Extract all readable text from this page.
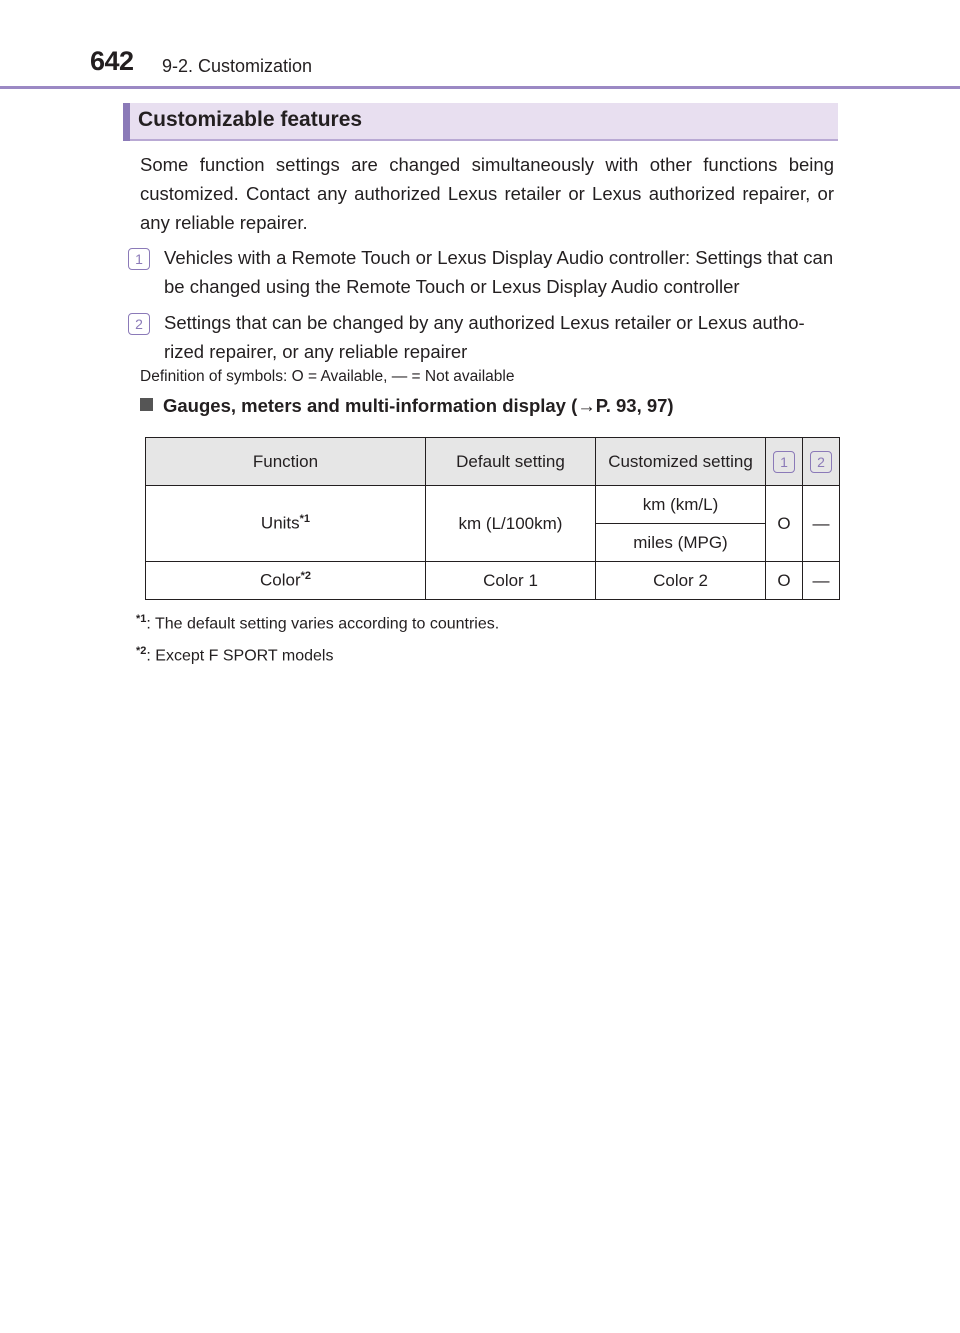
642 9-2. Customization
Customizable features
Some function settings are changed simultaneously with other functions being customized. Contact any authorized Lexus retailer or Lexus authorized repairer, or any reliable repairer.
1	Vehicles with a Remote Touch or Lexus Display Audio controller: Settings that can be changed using the Remote Touch or Lexus Display Audio controller
2	Settings that can be changed by any authorized Lexus retailer or Lexus autho-rized repairer, or any reliable repairer
Definition of symbols: O = Available, — = Not available
Gauges, meters and multi-information display (→P. 93, 97)
Function	Default setting	Customized setting	1	2
Units$^{*1}$	km (L/100km)	km (km/L)	O	—
		miles (MPG)		
Color$^{*2}$	Color 1	Color 2	O	—
$^{*1}$: The default setting varies according to countries.
$^{*2}$: Except F SPORT models
